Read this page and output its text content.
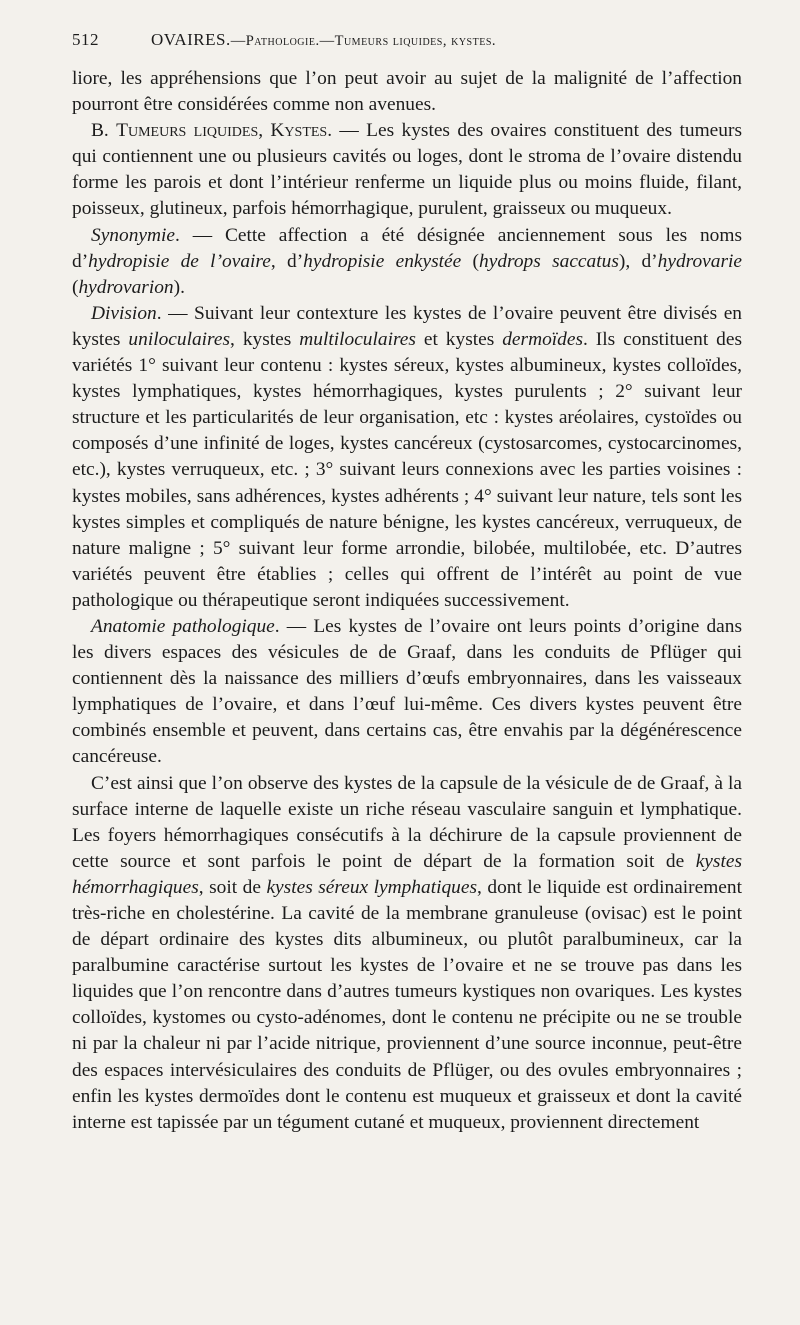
512	OVAIRES. — Pathologie. — Tumeurs liquides, kystes.

liore, les appréhensions que l’on peut avoir au sujet de la malignité de l’affection pourront être considérées comme non avenues.

B. Tumeurs liquides, Kystes. — Les kystes des ovaires constituent des tumeurs qui contiennent une ou plusieurs cavités ou loges, dont le stroma de l’ovaire distendu forme les parois et dont l’intérieur renferme un liquide plus ou moins fluide, filant, poisseux, glutineux, parfois hémorrhagique, purulent, graisseux ou muqueux.

Synonymie. — Cette affection a été désignée anciennement sous les noms d’hydropisie de l’ovaire, d’hydropisie enkystée (hydrops saccatus), d’hydrovarie (hydrovarion).

Division. — Suivant leur contexture les kystes de l’ovaire peuvent être divisés en kystes uniloculaires, kystes multiloculaires et kystes dermoïdes. Ils constituent des variétés 1° suivant leur contenu : kystes séreux, kystes albumineux, kystes colloïdes, kystes lymphatiques, kystes hémorrhagiques, kystes purulents ; 2° suivant leur structure et les particularités de leur organisation, etc : kystes aréolaires, cystoïdes ou composés d’une infinité de loges, kystes cancéreux (cystosarcomes, cystocarcinomes, etc.), kystes verruqueux, etc. ; 3° suivant leurs connexions avec les parties voisines : kystes mobiles, sans adhérences, kystes adhérents ; 4° suivant leur nature, tels sont les kystes simples et compliqués de nature bénigne, les kystes cancéreux, verruqueux, de nature maligne ; 5° suivant leur forme arrondie, bilobée, multilobée, etc. D’autres variétés peuvent être établies ; celles qui offrent de l’intérêt au point de vue pathologique ou thérapeutique seront indiquées successivement.

Anatomie pathologique. — Les kystes de l’ovaire ont leurs points d’origine dans les divers espaces des vésicules de de Graaf, dans les conduits de Pflüger qui contiennent dès la naissance des milliers d’œufs embryonnaires, dans les vaisseaux lymphatiques de l’ovaire, et dans l’œuf lui-même. Ces divers kystes peuvent être combinés ensemble et peuvent, dans certains cas, être envahis par la dégénérescence cancéreuse.

C’est ainsi que l’on observe des kystes de la capsule de la vésicule de de Graaf, à la surface interne de laquelle existe un riche réseau vasculaire sanguin et lymphatique. Les foyers hémorrhagiques consécutifs à la déchirure de la capsule proviennent de cette source et sont parfois le point de départ de la formation soit de kystes hémorrhagiques, soit de kystes séreux lymphatiques, dont le liquide est ordinairement très-riche en cholestérine. La cavité de la membrane granuleuse (ovisac) est le point de départ ordinaire des kystes dits albumineux, ou plutôt paralbumineux, car la paralbumine caractérise surtout les kystes de l’ovaire et ne se trouve pas dans les liquides que l’on rencontre dans d’autres tumeurs kystiques non ovariques. Les kystes colloïdes, kystomes ou cysto-adénomes, dont le contenu ne précipite ou ne se trouble ni par la chaleur ni par l’acide nitrique, proviennent d’une source inconnue, peut-être des espaces intervésiculaires des conduits de Pflüger, ou des ovules embryonnaires ; enfin les kystes dermoïdes dont le contenu est muqueux et graisseux et dont la cavité interne est tapissée par un tégument cutané et muqueux, proviennent directement
